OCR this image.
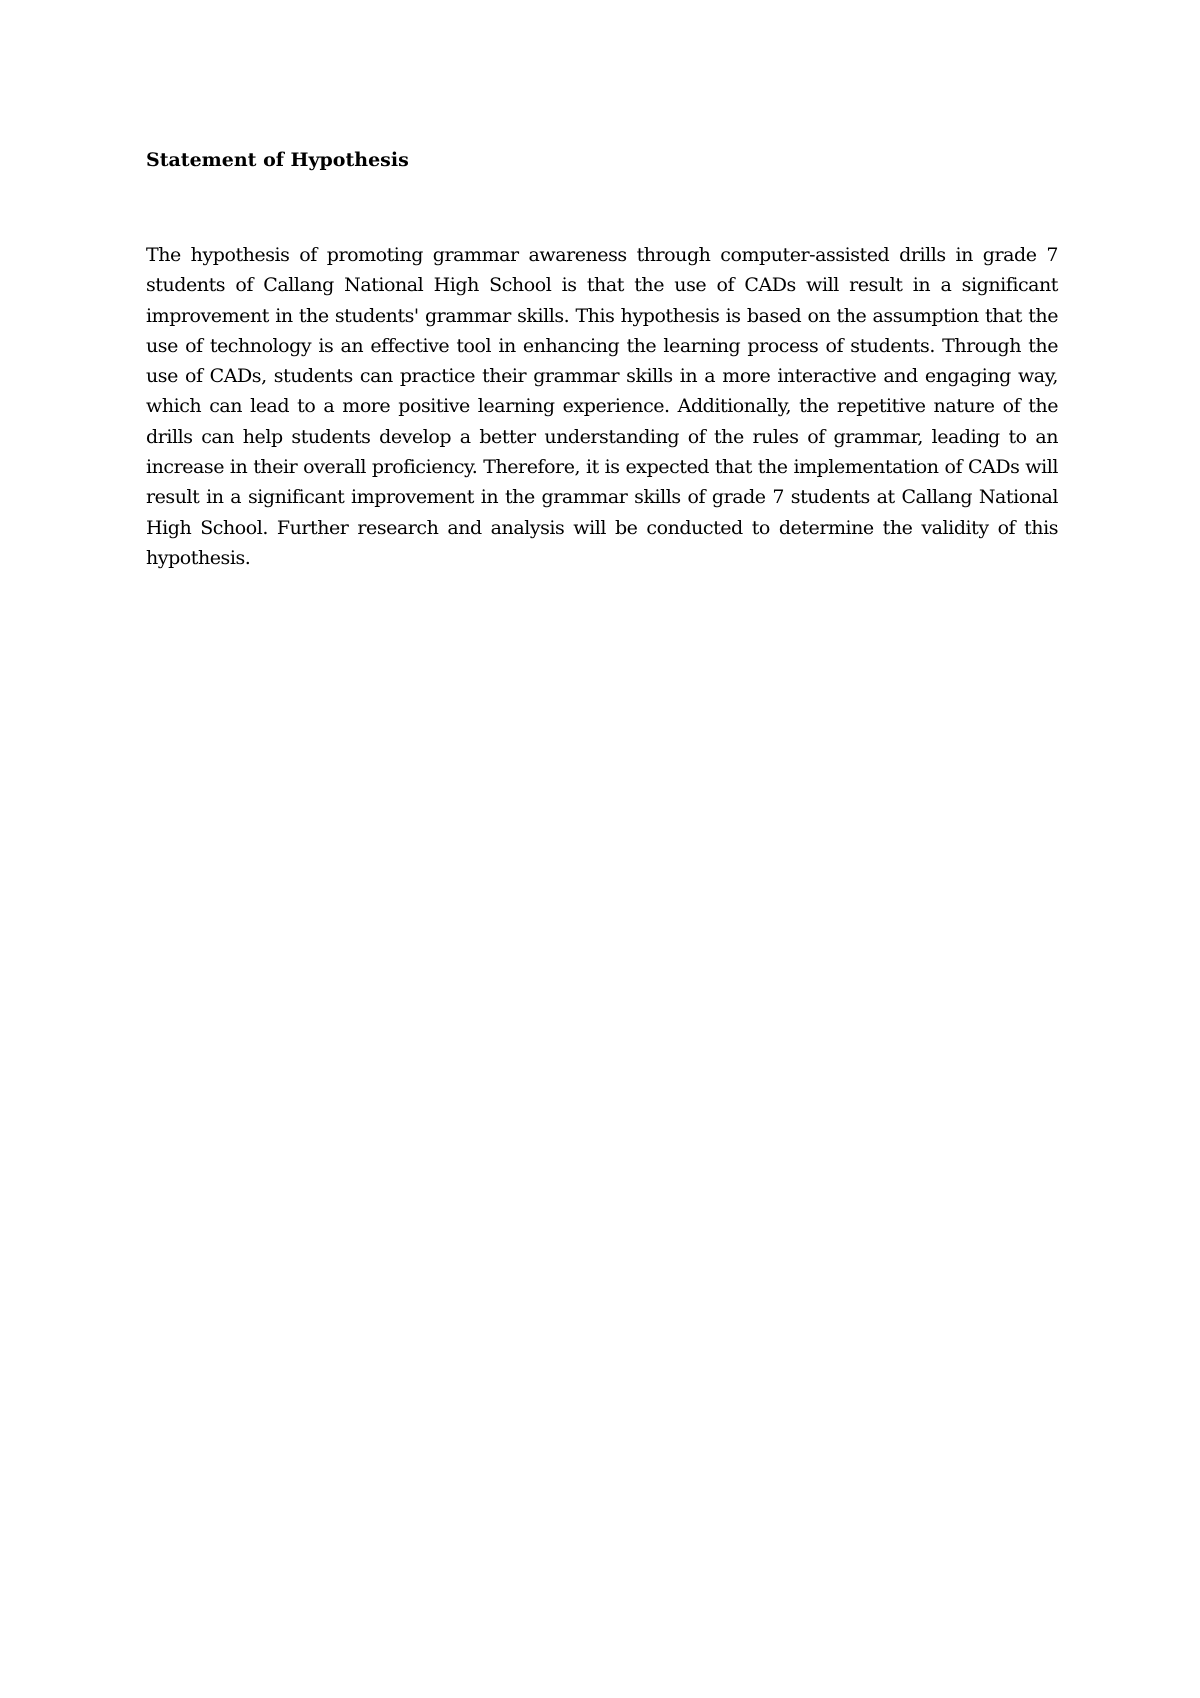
Statement of Hypothesis

The hypothesis of promoting grammar awareness through computer-assisted drills in grade 7 students of Callang National High School is that the use of CADs will result in a significant improvement in the students' grammar skills. This hypothesis is based on the assumption that the use of technology is an effective tool in enhancing the learning process of students. Through the use of CADs, students can practice their grammar skills in a more interactive and engaging way, which can lead to a more positive learning experience. Additionally, the repetitive nature of the drills can help students develop a better understanding of the rules of grammar, leading to an increase in their overall proficiency. Therefore, it is expected that the implementation of CADs will result in a significant improvement in the grammar skills of grade 7 students at Callang National High School. Further research and analysis will be conducted to determine the validity of this hypothesis.
